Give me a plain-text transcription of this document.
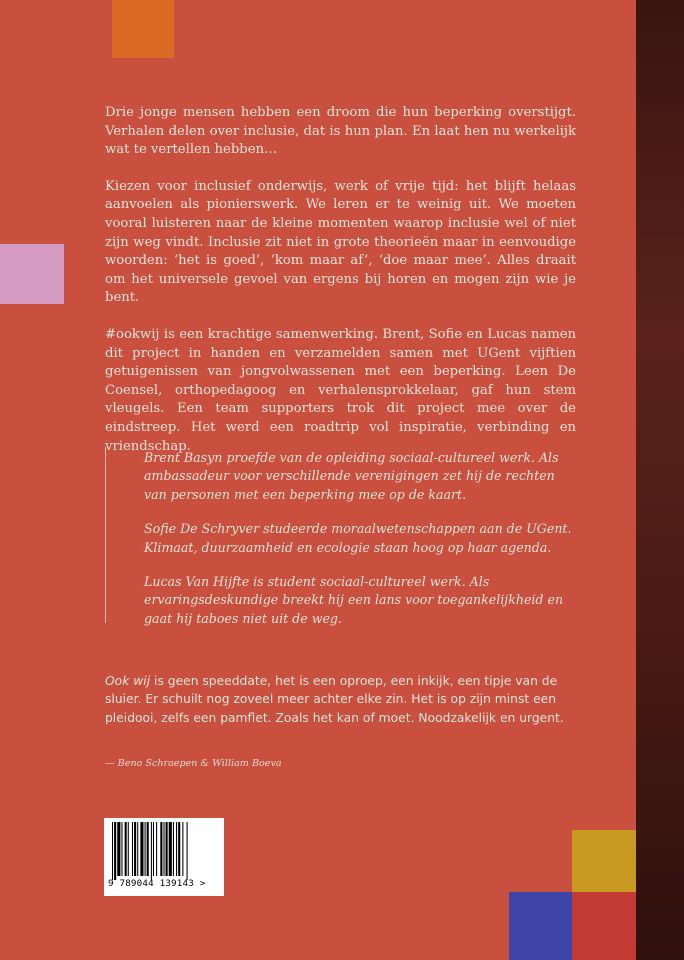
Drie jonge mensen hebben een droom die hun beperking overstijgt. Verhalen delen over inclusie, dat is hun plan. En laat hen nu werkelijk wat te vertellen hebben…

Kiezen voor inclusief onderwijs, werk of vrije tijd: het blijft helaas aanvoelen als pionierswerk. We leren er te weinig uit. We moeten vooral luisteren naar de kleine momenten waarop inclusie wel of niet zijn weg vindt. Inclusie zit niet in grote theorieën maar in eenvoudige woorden: ‘het is goed’, ‘kom maar af’, ‘doe maar mee’. Alles draait om het universele gevoel van ergens bij horen en mogen zijn wie je bent.

#ookwij is een krachtige samenwerking. Brent, Sofie en Lucas namen dit project in handen en verzamelden samen met UGent vijftien getuigenissen van jongvolwassenen met een beperking. Leen De Coensel, orthopedagoog en verhalensprokkelaar, gaf hun stem vleugels. Een team supporters trok dit project mee over de eindstreep. Het werd een roadtrip vol inspiratie, verbinding en vriendschap.

Brent Basyn proefde van de opleiding sociaal-cultureel werk. Als ambassadeur voor verschillende verenigingen zet hij de rechten van personen met een beperking mee op de kaart.

Sofie De Schryver studeerde moraalwetenschappen aan de UGent. Klimaat, duurzaamheid en ecologie staan hoog op haar agenda.

Lucas Van Hijfte is student sociaal-cultureel werk. Als ervaringsdeskundige breekt hij een lans voor toegankelijkheid en gaat hij taboes niet uit de weg.

Ook wij is geen speeddate, het is een oproep, een inkijk, een tipje van de sluier. Er schuilt nog zoveel meer achter elke zin. Het is op zijn minst een pleidooi, zelfs een pamflet. Zoals het kan of moet. Noodzakelijk en urgent.

— Beno Schraepen & William Boeva
9 789044 139143 >
